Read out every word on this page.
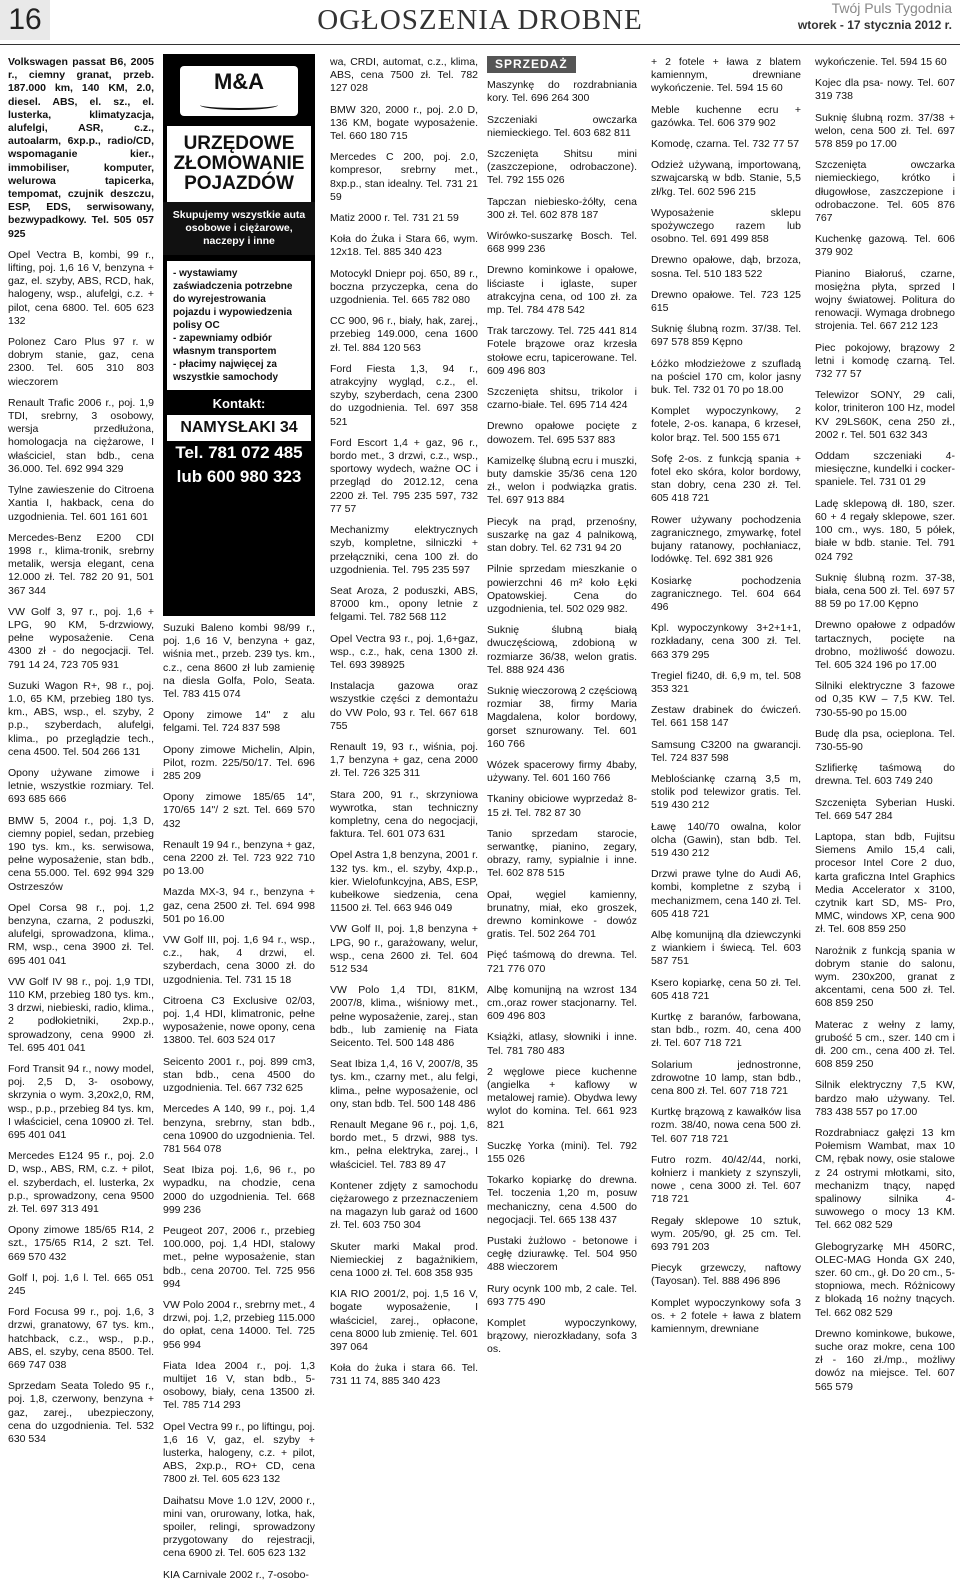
16	OGŁOSZENIA DROBNE	Twój Puls Tygodnia
wtorek - 17 stycznia 2012 r.

Volkswagen passat B6, 2005 r., ciemny granat, przeb. 187.000 km, 140 KM, 2.0, diesel. ABS, el. sz., el. lusterka, klimatyzacja, alufelgi, ASR, c.z., autoalarm, 6xp.p., radio/CD, wspomaganie kier., immobiliser, komputer, welurowa tapicerka, tempomat, czujnik deszczu, ESP, EDS, serwisowany, bezwypadkowy. Tel. 505 057 925

Opel Vectra B, kombi, 99 r., lifting, poj. 1,6 16 V, benzyna + gaz, el. szyby, ABS, RCD, hak, halogeny, wsp., alufelgi, c.z. + pilot, cena 6800. Tel. 605 623 132

Polonez Caro Plus 97 r. w dobrym stanie, gaz, cena 2300. Tel. 605 310 803 wieczorem

Renault Trafic 2006 r., poj. 1,9 TDI, srebrny, 3 osobowy, wersja przedłużona, homologacja na ciężarowe, I właściciel, stan bdb., cena 36.000. Tel. 692 994 329

Tylne zawieszenie do Citroena Xantia I, hakback, cena do uzgodnienia. Tel. 601 161 601

Mercedes-Benz E200 CDI 1998 r., klima-tronik, srebrny metalik, wersja elegant, cena 12.000 zł. Tel. 782 20 91, 501 367 344

VW Golf 3, 97 r., poj. 1,6 + LPG, 90 KM, 5-drzwiowy, pełne wyposażenie. Cena 4300 zł - do negocjacji. Tel. 791 14 24, 723 705 931

Suzuki Wagon R+, 98 r., poj. 1.0, 65 KM, przebieg 180 tys. km., ABS, wsp., el. szyby, 2 p.p., szyberdach, alufelgi, klima., po przeglądzie tech., cena 4500. Tel. 504 266 131

Opony używane zimowe i letnie, wszystkie rozmiary. Tel. 693 685 666

BMW 5, 2004 r., poj. 1,3 D, ciemny popiel, sedan, przebieg 190 tys. km., ks. serwisowa, pełne wyposażenie, stan bdb., cena 55.000. Tel. 692 994 329 Ostrzeszów

Opel Corsa 98 r., poj. 1,2 benzyna, czarna, 2 poduszki, alufelgi, sprowadzona, klima., RM, wsp., cena 3900 zł. Tel. 695 401 041

VW Golf IV 98 r., poj. 1,9 TDI, 110 KM, przebieg 180 tys. km., 3 drzwi, niebieski, radio, klima., 2 podłokietniki, 2xp.p., sprowadzony, cena 9900 zł. Tel. 695 401 041

Ford Transit 94 r., nowy model, poj. 2,5 D, 3- osobowy, skrzynia o wym. 3,20x2,0, RM, wsp., p.p., przebieg 84 tys. km, I właściciel, cena 10900 zł. Tel. 695 401 041

Mercedes E124 95 r., poj. 2.0 D, wsp., ABS, RM, c.z. + pilot, el. szyberdach, el. lusterka, 2x p.p., sprowadzony, cena 9500 zł. Tel. 697 313 491

Opony zimowe 185/65 R14, 2 szt., 175/65 R14, 2 szt. Tel. 669 570 432

Golf I, poj. 1,6 l. Tel. 665 051 245

Ford Focusa 99 r., poj. 1,6, 3 drzwi, granatowy, 67 tys. km., hatchback, c.z., wsp., p.p., ABS, el. szyby, cena 8500. Tel. 669 747 038

Sprzedam Seata Toledo 95 r., poj. 1,8, czerwony, benzyna + gaz, zarej., ubezpieczony, cena do uzgodnienia. Tel. 532 630 534

M&A
URZĘDOWE ZŁOMOWANIE POJAZDÓW
Skupujemy wszystkie auta osobowe i ciężarowe, naczepy i inne
- wystawiamy zaświadczenia potrzebne do wyrejestrowania pojazdu i wypowiedzenia polisy OC
- zapewniamy odbiór własnym transportem
- płacimy najwięcej za wszystkie samochody
Kontakt:
NAMYSŁAKI 34
Tel. 781 072 485
lub 600 980 323

Suzuki Baleno kombi 98/99 r., poj. 1,6 16 V, benzyna + gaz, wiśnia met., przeb. 239 tys. km., c.z., cena 8600 zł lub zamienię na diesla Golfa, Polo, Seata. Tel. 783 415 074

Opony zimowe 14" z alu felgami. Tel. 724 837 598

Opony zimowe Michelin, Alpin, Pilot, rozm. 225/50/17. Tel. 696 285 209

Opony zimowe 185/65 14", 170/65 14"/ 2 szt. Tel. 669 570 432

Renault 19 94 r., benzyna + gaz, cena 2200 zł. Tel. 723 922 710 po 13.00

Mazda MX-3, 94 r., benzyna + gaz, cena 2500 zł. Tel. 694 998 501 po 16.00

VW Golf III, poj. 1,6 94 r., wsp., c.z., hak, 4 drzwi, el. szyberdach, cena 3000 zł. do uzgodnienia. Tel. 731 15 18

Citroena C3 Exclusive 02/03, poj. 1,4 HDI, klimatronic, pełne wyposażenie, nowe opony, cena 13800. Tel. 603 524 017

Seicento 2001 r., poj. 899 cm3, stan bdb., cena 4500 do uzgodnienia. Tel. 667 732 625

Mercedes A 140, 99 r., poj. 1,4 benzyna, srebrny, stan bdb., cena 10900 do uzgodnienia. Tel. 781 564 078

Seat Ibiza poj. 1,6, 96 r., po wypadku, na chodzie, cena 2000 do uzgodnienia. Tel. 668 999 236

Peugeot 207, 2006 r., przebieg 100.000, poj. 1,4 HDI, stalowy met., pełne wyposażenie, stan bdb., cena 20700. Tel. 725 956 994

VW Polo 2004 r., srebrny met., 4 drzwi, poj. 1,2, przebieg 115.000 do opłat, cena 14000. Tel. 725 956 994

Fiata Idea 2004 r., poj. 1,3 multijet 16 V, stan bdb., 5-osobowy, biały, cena 13500 zł. Tel. 785 714 293

Opel Vectra 99 r., po liftingu, poj. 1,6 16 V, gaz, el. szyby + lusterka, halogeny, c.z. + pilot, ABS, 2xp.p., RO+ CD, cena 7800 zł. Tel. 605 623 132

Daihatsu Move 1.0 12V, 2000 r., mini van, orurowany, lotka, hak, spoiler, relingi, sprowadzony przygotowany do rejestracji, cena 6900 zł. Tel. 605 623 132

KIA Carnivale 2002 r., 7-osobo-

wa, CRDI, automat, c.z., klima, ABS, cena 7500 zł. Tel. 782 127 028

BMW 320, 2000 r., poj. 2.0 D, 136 KM, bogate wyposażenie. Tel. 660 180 715

Mercedes C 200, poj. 2.0, kompresor, srebrny met., 8xp.p., stan idealny. Tel. 731 21 59

Matiz 2000 r. Tel. 731 21 59

Koła do Żuka i Stara 66, wym. 12x18. Tel. 885 340 423

Motocykl Dniepr poj. 650, 89 r., boczna przyczepka, cena do uzgodnienia. Tel. 665 782 080

CC 900, 96 r., biały, hak, zarej., przebieg 149.000, cena 1600 zł. Tel. 884 120 563

Ford Fiesta 1,3, 94 r., atrakcyjny wygląd, c.z., el. szyby, szyberdach, cena 2300 do uzgodnienia. Tel. 697 358 521

Ford Escort 1,4 + gaz, 96 r., bordo met., 3 drzwi, c.z., wsp., sportowy wydech, ważne OC i przegląd do 2012.12, cena 2200 zł. Tel. 795 235 597, 732 77 57

Mechanizmy elektrycznych szyb, kompletne, silniczki + przełączniki, cena 100 zł. do uzgodnienia. Tel. 795 235 597

Seat Aroza, 2 poduszki, ABS, 87000 km., opony letnie z felgami. Tel. 782 568 112

Opel Vectra 93 r., poj. 1,6+gaz, wsp., c.z., hak, cena 1300 zł. Tel. 693 398925

Instalacja gazowa oraz wszystkie części z demontażu do VW Polo, 93 r. Tel. 667 618 755

Renault 19, 93 r., wiśnia, poj. 1,7 benzyna + gaz, cena 2000 zł. Tel. 726 325 311

Stara 200, 91 r., skrzyniowa wywrotka, stan techniczny kompletny, cena do negocjacji, faktura. Tel. 601 073 631

Opel Astra 1,8 benzyna, 2001 r. 132 tys. km., el. szyby, 4xp.p., kier. Wielofunkcyjna, ABS, ESP, kubełkowe siedzenia, cena 11500 zł. Tel. 663 946 049

VW Golf II, poj. 1,8 benzyna + LPG, 90 r., garażowany, welur, wsp., cena 2600 zł. Tel. 604 512 534

VW Polo 1,4 TDI, 81KM, 2007/8, klima., wiśniowy met., pełne wyposażenie, zarej., stan bdb., lub zamienię na Fiata Seicento. Tel. 500 148 486

Seat Ibiza 1,4, 16 V, 2007/8, 35 tys. km., czarny met., alu felgi, klima., pełne wyposażenie, ocl ony, stan bdb. Tel. 500 148 486

Renault Megane 96 r., poj. 1,6, bordo met., 5 drzwi, 988 tys. km., pełna elektryka, zarej., I właściciel. Tel. 783 89 47

Kontener zdjęty z samochodu ciężarowego z przeznaczeniem na magazyn lub garaż od 1600 zł. Tel. 603 750 304

Skuter marki Makal prod. Niemieckiej z bagażnikiem, cena 1000 zł. Tel. 608 358 935

KIA RIO 2001/2, poj. 1,5 16 V, bogate wyposażenie, I właściciel, zarej., opłacone, cena 8000 lub zmienię. Tel. 601 397 064

Koła do żuka i stara 66. Tel. 731 11 74, 885 340 423

SPRZEDAŻ

Maszynkę do rozdrabniania kory. Tel. 696 264 300

Szczeniaki owczarka niemieckiego. Tel. 603 682 811

Szczenięta Shitsu mini (zaszczepione, odrobaczone). Tel. 792 155 026

Tapczan niebiesko-żółty, cena 300 zł. Tel. 602 878 187

Wirówko-suszarkę Bosch. Tel. 668 999 236

Drewno kominkowe i opałowe, liściaste i iglaste, super atrakcyjna cena, od 100 zł. za mp. Tel. 784 478 542

Trak tarczowy. Tel. 725 441 814 Fotele brązowe oraz krzesła stołowe ecru, tapicerowane. Tel. 609 496 803

Szczenięta shitsu, trikolor i czarno-białe. Tel. 695 714 424

Drewno opałowe pocięte z dowozem. Tel. 695 537 883

Kamizelkę ślubną ecru i muszki, buty damskie 35/36 cena 120 zł., welon i podwiązka gratis. Tel. 697 913 884

Piecyk na prąd, przenośny, suszarkę na gaz 4 palnikową, stan dobry. Tel. 62 731 94 20

Pilnie sprzedam mieszkanie o powierzchni 46 m² koło Łęki Opatowskiej. Cena do uzgodnienia, tel. 502 029 982.

Suknię ślubną białą dwuczęściową, zdobioną w rozmiarze 36/38, welon gratis. Tel. 888 924 436

Suknię wieczorową 2 częściową rozmiar 38, firmy Maria Magdalena, kolor bordowy, gorset sznurowany. Tel. 601 160 766

Wózek spacerowy firmy 4baby, używany. Tel. 601 160 766

Tkaniny obiciowe wyprzedaż 8-15 zł. Tel. 782 87 30

Tanio sprzedam starocie, serwantkę, pianino, zegary, obrazy, ramy, sypialnie i inne. Tel. 602 878 515

Opał, węgiel kamienny, brunatny, miał, eko groszek, drewno kominkowe - dowóz gratis. Tel. 502 264 701

Pięć taśmową do drewna. Tel. 721 776 070

Albę komunijną na wzrost 134 cm.,oraz rower stacjonarny. Tel. 609 496 803

Książki, atlasy, słowniki i inne. Tel. 781 780 483

2 węglowe piece kuchenne (angielka + kaflowy w metalowej ramie). Obydwa lewy wylot do komina. Tel. 661 923 821

Suczkę Yorka (mini). Tel. 792 155 026

Tokarko kopiarkę do drewna. Tel. toczenia 1,20 m, posuw mechaniczny, cena 4.500 do negocjacji. Tel. 665 138 437

Pustaki żużlowo - betonowe i cegłę dziurawkę. Tel. 504 950 488 wieczorem

Rury ocynk 100 mb, 2 cale. Tel. 693 775 490

Komplet wypoczynkowy, brązowy, nierozkładany, sofa 3 os.

+ 2 fotele + ława z blatem kamiennym, drewniane wykończenie. Tel. 594 15 60

Meble kuchenne ecru + gazówka. Tel. 606 379 902

Komodę, czarna. Tel. 732 77 57

Odzież używaną, importowaną, szwajcarską w bdb. Stanie, 5,5 zł/kg. Tel. 602 596 215

Wyposażenie sklepu spożywczego razem lub osobno. Tel. 691 499 858

Drewno opałowe, dąb, brzoza, sosna. Tel. 510 183 522

Drewno opałowe. Tel. 723 125 615

Suknię ślubną rozm. 37/38. Tel. 697 578 859 Kępno

Łóżko młodzieżowe z szufladą na pościel 170 cm, kolor jasny buk. Tel. 732 01 70 po 18.00

Komplet wypoczynkowy, 2 fotele, 2-os. kanapa, 6 krzeseł, kolor brąz. Tel. 500 155 671

Sofę 2-os. z funkcją spania + fotel eko skóra, kolor bordowy, stan dobry, cena 230 zł. Tel. 605 418 721

Rower używany pochodzenia zagranicznego, zmywarkę, fotel bujany ratanowy, pochłaniacz, lodówkę. Tel. 692 381 926

Kosiarkę pochodzenia zagranicznego. Tel. 604 664 496

Kpl. wypoczynkowy 3+2+1+1, rozkładany, cena 300 zł. Tel. 663 379 295

Tregiel fi240, dł. 6,9 m, tel. 508 353 321

Zestaw drabinek do ćwiczeń. Tel. 661 158 147

Samsung C3200 na gwarancji. Tel. 724 837 598

Meblościankę czarną 3,5 m, stolik pod telewizor gratis. Tel. 519 430 212

Ławę 140/70 owalna, kolor olcha (Gawin), stan bdb. Tel. 519 430 212

Drzwi prawe tylne do Audi A6, kombi, kompletne z szybą i mechanizmem, cena 140 zł. Tel. 605 418 721

Albę komunijną dla dziewczynki z wiankiem i świecą. Tel. 603 587 751

Ksero kopiarkę, cena 50 zł. Tel. 605 418 721

Kurtkę z baranów, farbowana, stan bdb., rozm. 40, cena 400 zł. Tel. 607 718 721

Solarium jednostronne, zdrowotne 10 lamp, stan bdb., cena 800 zł. Tel. 607 718 721

Kurtkę brązową z kawałków lisa rozm. 38/40, nowa cena 500 zł. Tel. 607 718 721

Futro rozm. 40/42/44, norki, kołnierz i mankiety z szynszyli, nowe , cena 3000 zł. Tel. 607 718 721

Regały sklepowe 10 sztuk, wym. 205/90, gł. 25 cm. Tel. 693 791 203

Piecyk grzewczy, naftowy (Tayosan). Tel. 888 496 896

Komplet wypoczynkowy sofa 3 os. + 2 fotele + ława z blatem kamiennym, drewniane

wykończenie. Tel. 594 15 60

Kojec dla psa- nowy. Tel. 607 319 738

Suknię ślubną rozm. 37/38 + welon, cena 500 zł. Tel. 697 578 859 po 17.00

Szczenięta owczarka niemieckiego, krótko i długowłose, zaszczepione i odrobaczone. Tel. 605 876 767

Kuchenkę gazową. Tel. 606 379 902

Pianino Białoruś, czarne, mosiężna płyta, sprzed I wojny światowej. Politura do renowacji. Wymaga drobnego strojenia. Tel. 667 212 123

Piec pokojowy, brązowy 2 letni i komodę czarną. Tel. 732 77 57

Telewizor SONY, 29 cali, kolor, triniteron 100 Hz, model KV 29LS60K, cena 250 zł., 2002 r. Tel. 501 632 343

Oddam szczeniaki 4-miesięczne, kundelki i cocker-spaniele. Tel. 731 01 29

Ladę sklepową dł. 180, szer. 60 + 4 regały sklepowe, szer. 100 cm., wys. 180, 5 półek, białe w bdb. stanie. Tel. 791 024 792

Suknię ślubną rozm. 37-38, biała, cena 500 zł. Tel. 697 57 88 59 po 17.00 Kępno

Drewno opałowe z odpadów tartacznych, pocięte na drobno, możliwość dowozu. Tel. 605 324 196 po 17.00

Silniki elektryczne 3 fazowe od 0,35 KW – 7,5 KW. Tel. 730-55-90 po 15.00

Budę dla psa, ocieplona. Tel. 730-55-90

Szlifierkę taśmową do drewna. Tel. 603 749 240

Szczenięta Syberian Huski. Tel. 669 547 284

Laptopa, stan bdb, Fujitsu Siemens Amilo 15,4 cali, procesor Intel Core 2 duo, karta graficzna Intel Graphics Media Accelerator x 3100, czytnik kart SD, MS- Pro, MMC, windows XP, cena 900 zł. Tel. 608 859 250

Narożnik z funkcją spania w dobrym stanie do salonu, wym. 230x200, granat z akcentami, cena 500 zł. Tel. 608 859 250

Materac z wełny z lamy, grubość 5 cm., szer. 140 cm i dł. 200 cm., cena 400 zł. Tel. 608 859 250

Silnik elektryczny 7,5 KW, bardzo mało używany. Tel. 783 438 557 po 17.00

Rozdrabniacz gałęzi 13 km Połemism Wambat, max 10 CM, rębak nowy, osie stalowe z 24 ostrymi młotkami, sito, mechanizm tnący, napęd spalinowy silnika 4- suwowego o mocy 13 KM. Tel. 662 082 529

Glebogryzarkę MH 450RC, OLEC-MAG Honda GX 240, szer. 60 cm., gł. Do 20 cm., 5- stopniowa, mech. Różnicowy z blokadą 16 nożny tnących. Tel. 662 082 529

Drewno kominkowe, bukowe, suche oraz mokre, cena 100 zł - 160 zł./mp., możliwy dowóz na miejsce. Tel. 607 565 579
